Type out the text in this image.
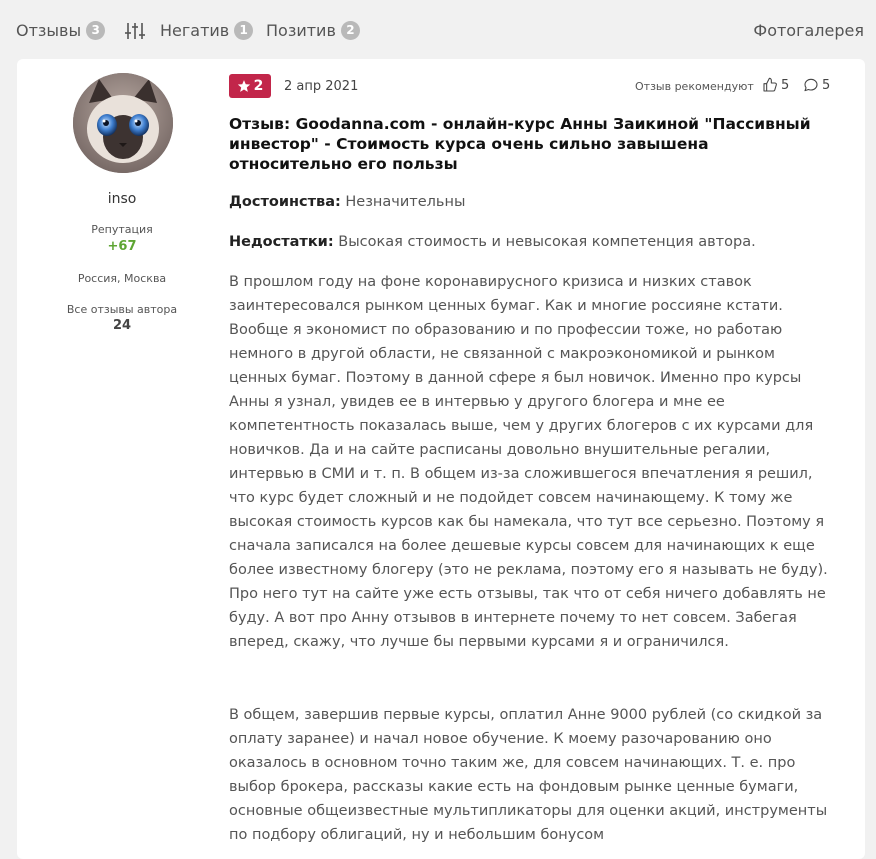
Отзывы 3	Негатив 1	Позитив 2	Фотогалерея
inso
Репутация
+67
Россия, Москва
Все отзывы автора
24
2 2 апр 2021	Отзыв рекомендуют 5	5
Отзыв: Goodanna.com - онлайн-курс Анны Заикиной "Пассивный инвестор" - Стоимость курса очень сильно завышена относительно его пользы
Достоинства: Незначительны
Недостатки: Высокая стоимость и невысокая компетенция автора.
В прошлом году на фоне коронавирусного кризиса и низких ставок заинтересовался рынком ценных бумаг. Как и многие россияне кстати. Вообще я экономист по образованию и по профессии тоже, но работаю немного в другой области, не связанной с макроэкономикой и рынком ценных бумаг. Поэтому в данной сфере я был новичок. Именно про курсы Анны я узнал, увидев ее в интервью у другого блогера и мне ее компетентность показалась выше, чем у других блогеров с их курсами для новичков. Да и на сайте расписаны довольно внушительные регалии, интервью в СМИ и т. п. В общем из-за сложившегося впечатления я решил, что курс будет сложный и не подойдет совсем начинающему. К тому же высокая стоимость курсов как бы намекала, что тут все серьезно. Поэтому я сначала записался на более дешевые курсы совсем для начинающих к еще более известному блогеру (это не реклама, поэтому его я называть не буду). Про него тут на сайте уже есть отзывы, так что от себя ничего добавлять не буду. А вот про Анну отзывов в интернете почему то нет совсем. Забегая вперед, скажу, что лучше бы первыми курсами я и ограничился.
В общем, завершив первые курсы, оплатил Анне 9000 рублей (со скидкой за оплату заранее) и начал новое обучение. К моему разочарованию оно оказалось в основном точно таким же, для совсем начинающих. Т. е. про выбор брокера, рассказы какие есть на фондовым рынке ценные бумаги, основные общеизвестные мультипликаторы для оценки акций, инструменты по подбору облигаций, ну и небольшим бонусом
